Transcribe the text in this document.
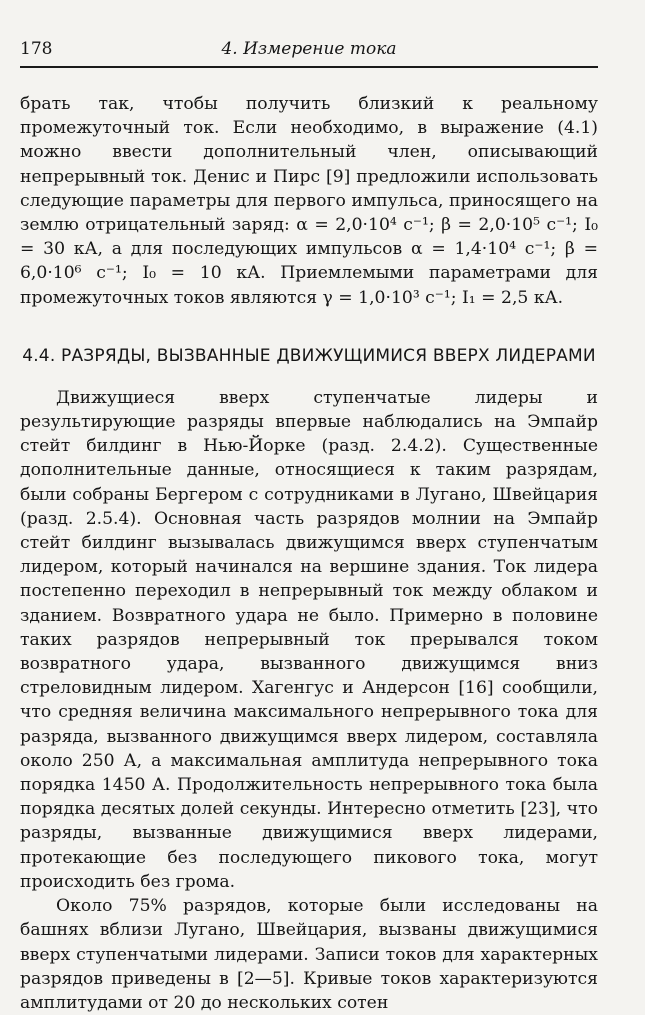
178	4. Измерение тока

брать так, чтобы получить близкий к реальному промежуточный ток. Если необходимо, в выражение (4.1) можно ввести дополнительный член, описывающий непрерывный ток. Денис и Пирс [9] предложили использовать следующие параметры для первого импульса, приносящего на землю отрицательный заряд: α = 2,0·10⁴ с⁻¹; β = 2,0·10⁵ с⁻¹; I₀ = 30 кА, а для последующих импульсов α = 1,4·10⁴ с⁻¹; β = 6,0·10⁶ с⁻¹; I₀ = 10 кА. Приемлемыми параметрами для промежуточных токов являются γ = 1,0·10³ с⁻¹; I₁ = 2,5 кА.

4.4. РАЗРЯДЫ, ВЫЗВАННЫЕ ДВИЖУЩИМИСЯ ВВЕРХ ЛИДЕРАМИ

Движущиеся вверх ступенчатые лидеры и результирующие разряды впервые наблюдались на Эмпайр стейт билдинг в Нью-Йорке (разд. 2.4.2). Существенные дополнительные данные, относящиеся к таким разрядам, были собраны Бергером с сотрудниками в Лугано, Швейцария (разд. 2.5.4). Основная часть разрядов молнии на Эмпайр стейт билдинг вызывалась движущимся вверх ступенчатым лидером, который начинался на вершине здания. Ток лидера постепенно переходил в непрерывный ток между облаком и зданием. Возвратного удара не было. Примерно в половине таких разрядов непрерывный ток прерывался током возвратного удара, вызванного движущимся вниз стреловидным лидером. Хагенгус и Андерсон [16] сообщили, что средняя величина максимального непрерывного тока для разряда, вызванного движущимся вверх лидером, составляла около 250 А, а максимальная амплитуда непрерывного тока порядка 1450 А. Продолжительность непрерывного тока была порядка десятых долей секунды. Интересно отметить [23], что разряды, вызванные движущимися вверх лидерами, протекающие без последующего пикового тока, могут происходить без грома.

Около 75% разрядов, которые были исследованы на башнях вблизи Лугано, Швейцария, вызваны движущимися вверх ступенчатыми лидерами. Записи токов для характерных разрядов приведены в [2—5]. Кривые токов характеризуются амплитудами от 20 до нескольких сотен
